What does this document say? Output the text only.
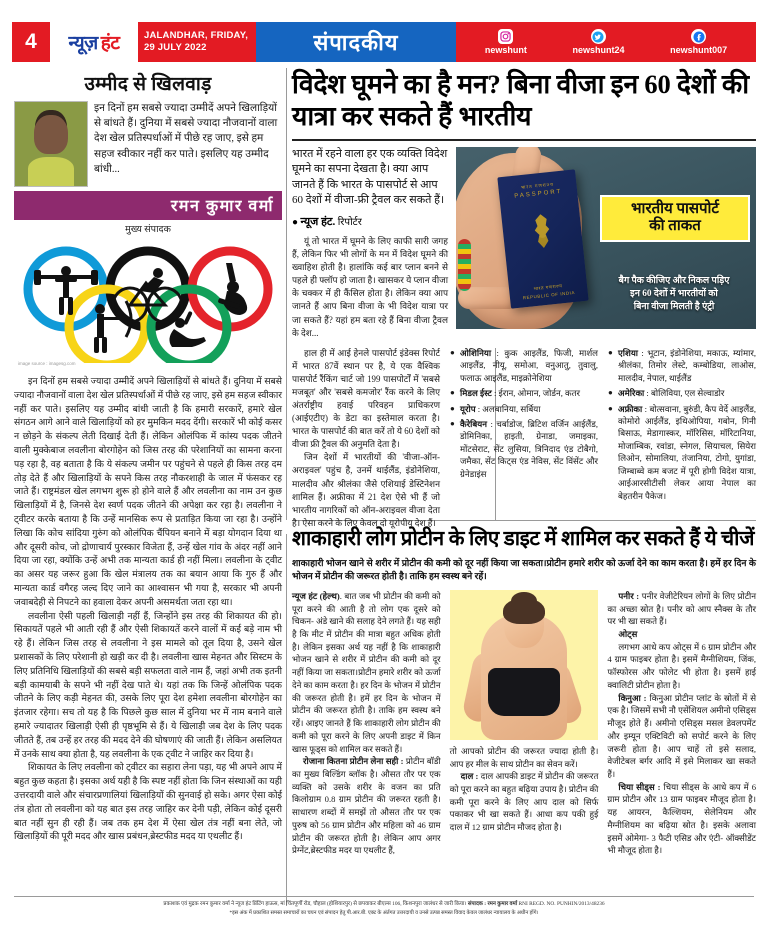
4	न्यूज़ हंट	JALANDHAR, FRIDAY,
29 JULY 2022	संपादकीय	newshunt	newshunt24	newshunt007
उम्मीद से खिलवाड़
इन दिनों हम सबसे ज्यादा उम्मीदें अपने खिलाड़ियों से बांधते हैं। दुनिया में सबसे ज्यादा नौजवानों वाला देश खेल प्रतिस्पर्धाओं में पीछे रह जाए, इसे हम सहज स्वीकार नहीं कर पाते। इसलिए यह उम्मीद बांधी...
रमन कुमार वर्मा
मुख्य संपादक
image source : imagesg.com

इन दिनों हम सबसे ज्यादा उम्मीदें अपने खिलाड़ियों से बांधते हैं। दुनिया में सबसे ज्यादा नौजवानों वाला देश खेल प्रतिस्पर्धाओं में पीछे रह जाए, इसे हम सहज स्वीकार नहीं कर पाते। इसलिए यह उम्मीद बांधी जाती है कि हमारी सरकारें, हमारे खेल संगठन आगे आने वाले खिलाड़ियों को हर मुमकिन मदद देंगी। सरकारें भी कोई कसर न छोड़ने के संकल्प लेती दिखाई देती हैं। लेकिन ओलंपिक में कांस्य पदक जीतने वाली मुक्केबाज लवलीना बोरगोहेन को जिस तरह की परेशानियों का सामना करना पड़ रहा है, वह बताता है कि ये संकल्प जमीन पर पहुंचने से पहले ही किस तरह दम तोड़ देते हैं और खिलाड़ियों के सपने किस तरह नौकरशाही के जाल में फंसकर रह जाते हैं। राष्ट्रमंडल खेल लगभग शुरू हो होने वाले हैं और लवलीना का नाम उन कुछ खिलाड़ियों में है, जिनसे देश स्वर्ण पदक जीतने की अपेक्षा कर रहा है। लवलीना ने ट्वीटर करके बताया है कि उन्हें मानसिक रूप से प्रताड़ित किया जा रहा है। उन्होंने लिखा कि कोच सांदिया गुरुंग को ओलंपिक चैंपियन बनाने में बड़ा योगदान दिया था और दूसरी कोच, जो द्रोणाचार्य पुरस्कार विजेता हैं, उन्हें खेल गांव के अंदर नहीं आने दिया जा रहा, क्योंकि उन्हें अभी तक मान्यता कार्ड ही नहीं मिला। लवलीना के ट्वीट का असर यह जरूर हुआ कि खेल मंत्रालय तक का बयान आया कि गुरु हैं और मान्यता कार्ड वगैरह जल्द दिए जाने का आश्वासन भी गया है, सरकार भी अपनी जवाबदेही से निपटने का हवाला देकर अपनी असमर्थता जता रहा था।

लवलीना ऐसी पहली खिलाड़ी नहीं हैं, जिन्होंने इस तरह की शिकायत की हो। सिकायतें पहले भी आती रही हैं और ऐसी शिकायतें करने वालों में कई बड़े नाम भी रहे हैं। लेकिन जिस तरह से लवलीना ने इस मामले को तूल दिया है, उसने खेल प्रशासकों के लिए परेशानी हो खड़ी कर दी है। लवलीना खास मेहनत और सिस्टम के लिए प्रतिनिधि खिलाड़ियों की सबसे बड़ी सफलता वाले नाम हैं, जहां अभी तक इतनी बड़ी कामयाबी के सपने भी नहीं देख पाते थे। यहां तक कि जिन्हें ओलंपिक पदक जीतने के लिए कड़ी मेहनत की, उसके लिए पूरा देश हमेशा लवलीना बोरगोहेन का इंतजार रहेगा। सच तो यह है कि पिछले कुछ साल में दुनिया भर में नाम बनाने वाले हमारे ज्यादातर खिलाड़ी ऐसी ही पृष्ठभूमि से हैं। ये खिलाड़ी जब देश के लिए पदक जीतते हैं, तब उन्हें हर तरह की मदद देने की घोषणाएं की जाती हैं। लेकिन असलियत में उनके साथ क्या होता है, यह लवलीना के एक ट्वीट ने जाहिर कर दिया है।

शिकायत के लिए लवलीना को ट्वीटर का सहारा लेना पड़ा, यह भी अपने आप में बहुत कुछ कहता है। इसका अर्थ यही है कि स्पष्ट नहीं होता कि जिन संस्थाओं का यही उत्तरदायी वाले और संचारप्रणालियां खिलाड़ियों की सुनवाई हो सके। अगर ऐसा कोई तंत्र होता तो लवलीना को यह बात इस तरह जाहिर कर देनी पड़ी, लेकिन कोई दूसरी बात नहीं सुन ही रही हैं। जब तक हम देश में ऐसा खेल तंत्र नहीं बना लेते, जो खिलाड़ियों की पूरी मदद और खास प्रबंधन,ब्रेस्टफीड मदद या एथलीट हैं।

विदेश घूमने का है मन? बिना वीजा इन 60 देशों की यात्रा कर सकते हैं भारतीय
भारत में रहने वाला हर एक व्यक्ति विदेश घूमने का सपना देखता है। क्या आप जानते हैं कि भारत के पासपोर्ट से आप 60 देशों में वीजा-फ्री ट्रैवल कर सकते हैं।
● न्यूज हंट. रिपोर्टर

यूं तो भारत में घूमने के लिए काफी सारी जगह हैं, लेकिन फिर भी लोगों के मन में विदेश घूमने की ख्वाहिश होती है। हालांकि कई बार प्लान बनने से पहले ही फ्लॉप हो जाता है। खासकर ये प्लान वीजा के चक्कर में ही कैंसिल होता है। लेकिन क्या आप जानते हैं आप बिना वीजा के भी विदेश यात्रा पर जा सकते हैं? यहां हम बता रहे हैं बिना वीजा ट्रैवल के देश...

भारत गणराज्य
PASSPORT
भारत गणराज्य
REPUBLIC OF INDIA
भारतीय पासपोर्ट
की ताकत
बैग पैक कीजिए और निकल पड़िए
इन 60 देशों में भारतीयों को
बिना वीजा मिलती है एंट्री

हाल ही में आई हेनले पासपोर्ट इंडेक्स रिपोर्ट में भारत 87वें स्थान पर है, ये एक वैश्विक पासपोर्ट रैंकिंग चार्ट जो 199 पासपोर्टों में 'सबसे मजबूत' और 'सबसे कमजोर' रैंक करने के लिए अंतर्राष्ट्रीय हवाई परिवहन प्राधिकरण (आईएटीए) के डेटा का इस्तेमाल करता है। भारत के पासपोर्ट की बात करें तो ये 60 देशों को वीजा फ्री ट्रैवल की अनुमति देता है।

जिन देशों में भारतीयों की 'वीजा-ऑन-अराइवल' पहुंच है, उनमें थाईलैंड, इंडोनेशिया, मालदीव और श्रीलंका जैसे एशियाई डेस्टिनेशन शामिल हैं। अफ्रीका में 21 देश ऐसे भी हैं जो भारतीय नागरिकों को ऑन-अराइवल वीजा देता है। ऐसा करने के लिए केवल दो यूरोपीय देश हैं।

● ओशिनिया : कुक आइलैंड, फिजी, मार्शल आइलैंड, नीयू, समोआ, वनुआतु, तुवालु, फलाऊ आइलैंड, माइक्रोनेशिया
● मिडल ईस्ट : ईरान, ओमान, जोर्डन, कतर
● यूरोप : अलबानिया, सर्बिया
● कैरेबियन : चर्बाडोज, ब्रिटिश वर्जिन आईलैंड, डोमिनिका, हाइती, ग्रेनाडा, जमाइका, मोंटसेराट, सेंट लुसिया, त्रिनिदाद एंड टोबैगो, जमैका, सेंट किट्स एंड नेविस, सेंट विंसेंट और ग्रेनेडाइंस
● एशिया : भूटान, इंडोनेशिया, मकाऊ, म्यांमार, श्रीलंका, तिमोर लेस्टे, कम्बोडिया, लाओस, मालदीव, नेपाल, थाईलैंड
● अमेरिका : बोलिविया, एल सेल्वाडोर
● अफ्रीका : बोत्सवाना, बुरुंडी, कैप वेर्दे आइलैंड, कोमोरो आईलैंड, इथिओपिया, गबोन, गिनी बिसाऊ, मेडागास्कर, मॉरिसिस, मॉरिटानिया, मोजाम्बिक, रवांडा, स्नेगल, सियाचल, सियेरा लिओन, सोमालिया, तंजानिया, टोगो, युगांडा, जिम्बाब्वे कम बजट में पूरी होगी विदेश यात्रा, आईआरसीटीसी लेकर आया नेपाल का बेहतरीन पैकेज।
शाकाहारी लोग प्रोटीन के लिए डाइट में शामिल कर सकते हैं ये चीजें
शाकाहारी भोजन खाने से शरीर में प्रोटीन की कमी को दूर नहीं किया जा सकता।प्रोटीन हमारे शरीर को ऊर्जा देने का काम करता है। हमें हर दिन के भोजन में प्रोटीन की जरूरत होती है। ताकि हम स्वस्थ बने रहें।

न्यूज हंट (हेल्थ). बात जब भी प्रोटीन की कमी को पूरा करने की आती है तो लोग एक दूसरे को चिकन- अंडे खाने की सलाह देने लगते हैं। यह सही है कि मीट में प्रोटीन की मात्रा बहुत अधिक होती है। लेकिन इसका अर्थ यह नहीं है कि शाकाहारी भोजन खाने से शरीर में प्रोटीन की कमी को दूर नहीं किया जा सकता।प्रोटीन हमारे शरीर को ऊर्जा देने का काम करता है। हर दिन के भोजन में प्रोटीन की जरूरत होती है। हमें हर दिन के भोजन में प्रोटीन की जरूरत होती है। ताकि हम स्वस्थ बने रहें। आइए जानते हैं कि शाकाहारी लोग प्रोटीन की कमी को पूरा करने के लिए अपनी डाइट में किन खास फूड्स को शामिल कर सकते हैं।

रोजाना कितना प्रोटीन लेना सही : प्रोटीन बॉडी का मुख्य बिल्डिंग ब्लॉक है। औसत तौर पर एक व्यक्ति को उसके शरीर के वजन का प्रति किलोग्राम 0.8 ग्राम प्रोटीन की जरूरत रहती है। साधारण शब्दों में समझें तो औसत तौर पर एक पुरुष को 56 ग्राम प्रोटीन और महिला को 46 ग्राम प्रोटीन की जरूरत होती है। लेकिन आप अगर प्रेग्नेंट,ब्रेस्टफीड मदर या एथलीट हैं,

तो आपको प्रोटीन की जरूरत ज्यादा होती है। आप हर मील के साथ प्रोटीन का सेवन करें।

दाल : दाल आपकी डाइट में प्रोटीन की जरूरत को पूरा करने का बहुत बढ़िया उपाय है। प्रोटीन की कमी पूरा करने के लिए आप दाल को सिर्फ पकाकर भी खा सकते हैं। आधा कप पकी हुई दाल में 12 ग्राम प्रोटीन मौजद होता है।

पनीर : पनीर वेजीटेरियन लोगों के लिए प्रोटीन का अच्छा स्रोत है। पनीर को आप स्नैक्स के तौर पर भी खा सकते हैं।

ओट्स

लगभग आधे कप ओट्स में 6 ग्राम प्रोटीन और 4 ग्राम फाइबर होता है। इसमें मैग्नीशियम, जिंक, फॉस्फोरस और फोलेट भी होता है। इसमें हाई क्वालिटी प्रोटीन होता है।

किनुआ : किनुआ प्रोटीन प्लांट के स्रोतों में से एक है। जिसमें सभी नौ एसेंशियल अमीनो एसिड्स मौजूद होते हैं। अमीनो एसिड्स मसल डेवलपमेंट और इम्यून एक्टिविटी को सपोर्ट करने के लिए जरूरी होता है। आप चाहें तो इसे सलाद, वेजीटेबल बर्गर आदि में इसे मिलाकर खा सकते हैं।

चिया सीड्स : चिया सीड्स के आधे कप में 6 ग्राम प्रोटीन और 13 ग्राम फाइबर मौजूद होता है। यह आयरन, कैल्शियम, सेलेनियम और मैग्नीशियम का बढ़िया स्रोत है। इसके अलावा इसमें ओमेगा- 3 फैटी एसिड और एंटी- ऑक्सीडेंट भी मौजूद होता है।

प्रकाशक एवं मुद्रक रमन कुमार वर्मा ने न्यूज हंट प्रिंटिंग हाऊस, मां चिंतपूर्णी रोड, चौहाल (होशियारपुर) से छपवाकर बीएल्स 106, किशनपुरा जालंधर से जारी किया। संपादक : रमन कुमार वर्मा RNI REGD. NO. PUNHIN/2013/48236
*इस अंक में प्रकाशित समस्त समाचारों का चयन एवं संपादन हेतु पी.आर.बी. एक्ट के अंर्तगत उत्तरदायी व उनसे उत्पन्न समस्त विवाद केवल जालंधर न्यायालय के अधीन होंगे।
